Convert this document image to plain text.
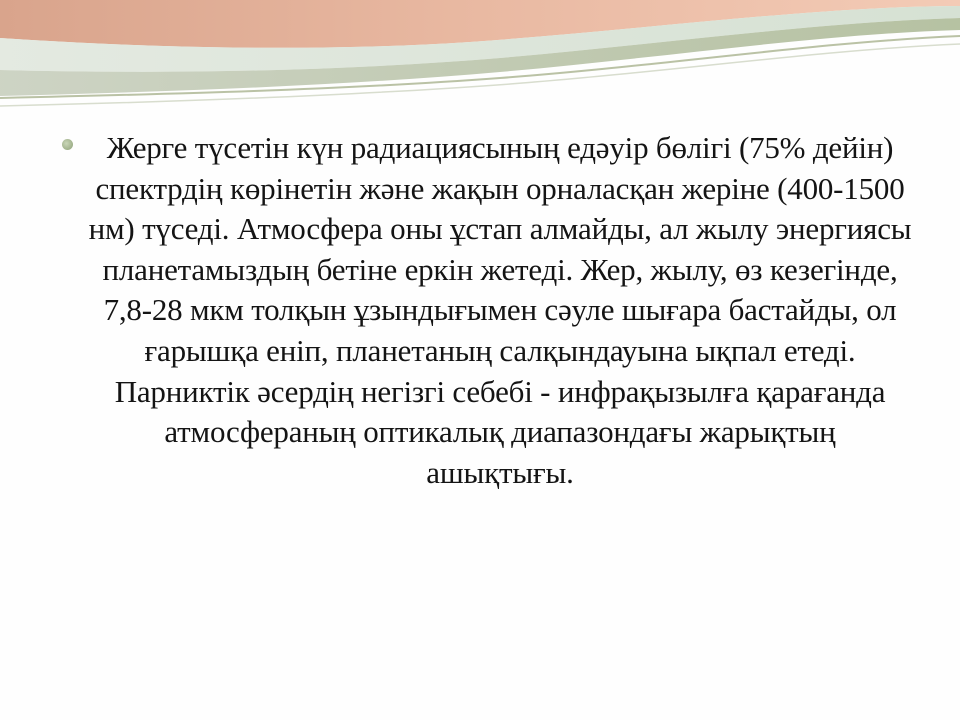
Жерге түсетін күн радиациясының едәуір бөлігі (75% дейін) спектрдің көрінетін және жақын орналасқан жеріне (400-1500 нм) түседі. Атмосфера оны ұстап алмайды, ал жылу энергиясы планетамыздың бетіне еркін жетеді. Жер, жылу, өз кезегінде, 7,8-28 мкм толқын ұзындығымен сәуле шығара бастайды, ол ғарышқа еніп, планетаның салқындауына ықпал етеді. Парниктік әсердің негізгі себебі - инфрақызылға қарағанда атмосфераның оптикалық диапазондағы жарықтың ашықтығы.
